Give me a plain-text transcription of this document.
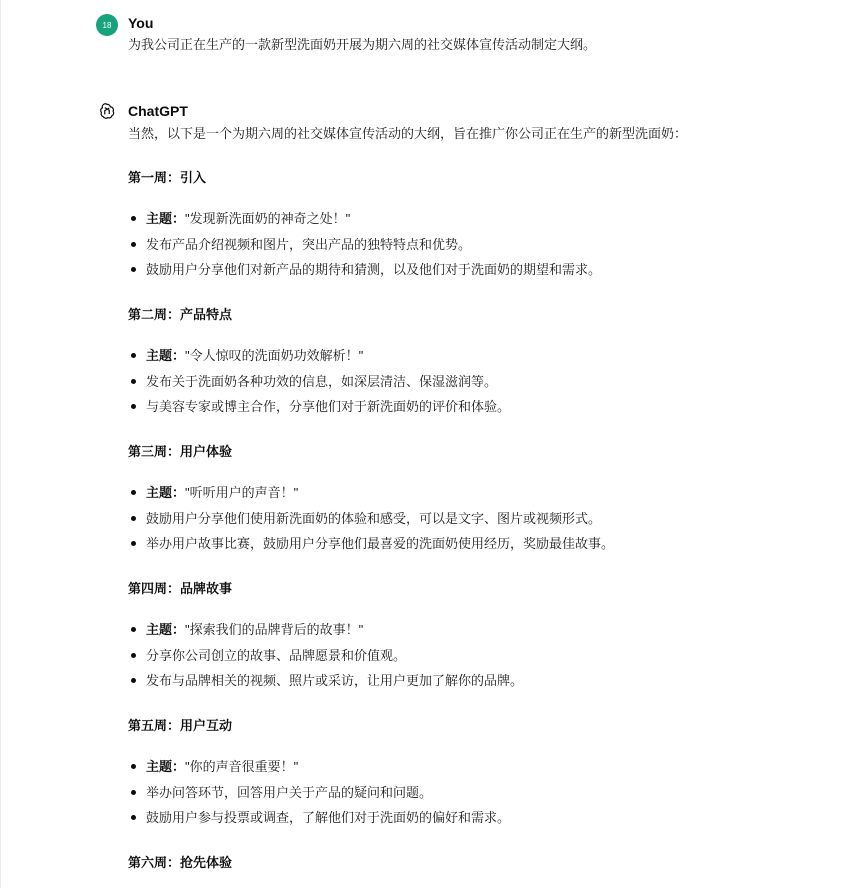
18 You
为我公司正在生产的一款新型洗面奶开展为期六周的社交媒体宣传活动制定大纲。
ChatGPT
当然，以下是一个为期六周的社交媒体宣传活动的大纲，旨在推广你公司正在生产的新型洗面奶：
第一周：引入
主题："发现新洗面奶的神奇之处！"
发布产品介绍视频和图片，突出产品的独特特点和优势。
鼓励用户分享他们对新产品的期待和猜测，以及他们对于洗面奶的期望和需求。
第二周：产品特点
主题："令人惊叹的洗面奶功效解析！"
发布关于洗面奶各种功效的信息，如深层清洁、保湿滋润等。
与美容专家或博主合作，分享他们对于新洗面奶的评价和体验。
第三周：用户体验
主题："听听用户的声音！"
鼓励用户分享他们使用新洗面奶的体验和感受，可以是文字、图片或视频形式。
举办用户故事比赛，鼓励用户分享他们最喜爱的洗面奶使用经历，奖励最佳故事。
第四周：品牌故事
主题："探索我们的品牌背后的故事！"
分享你公司创立的故事、品牌愿景和价值观。
发布与品牌相关的视频、照片或采访，让用户更加了解你的品牌。
第五周：用户互动
主题："你的声音很重要！"
举办问答环节，回答用户关于产品的疑问和问题。
鼓励用户参与投票或调查，了解他们对于洗面奶的偏好和需求。
第六周：抢先体验
